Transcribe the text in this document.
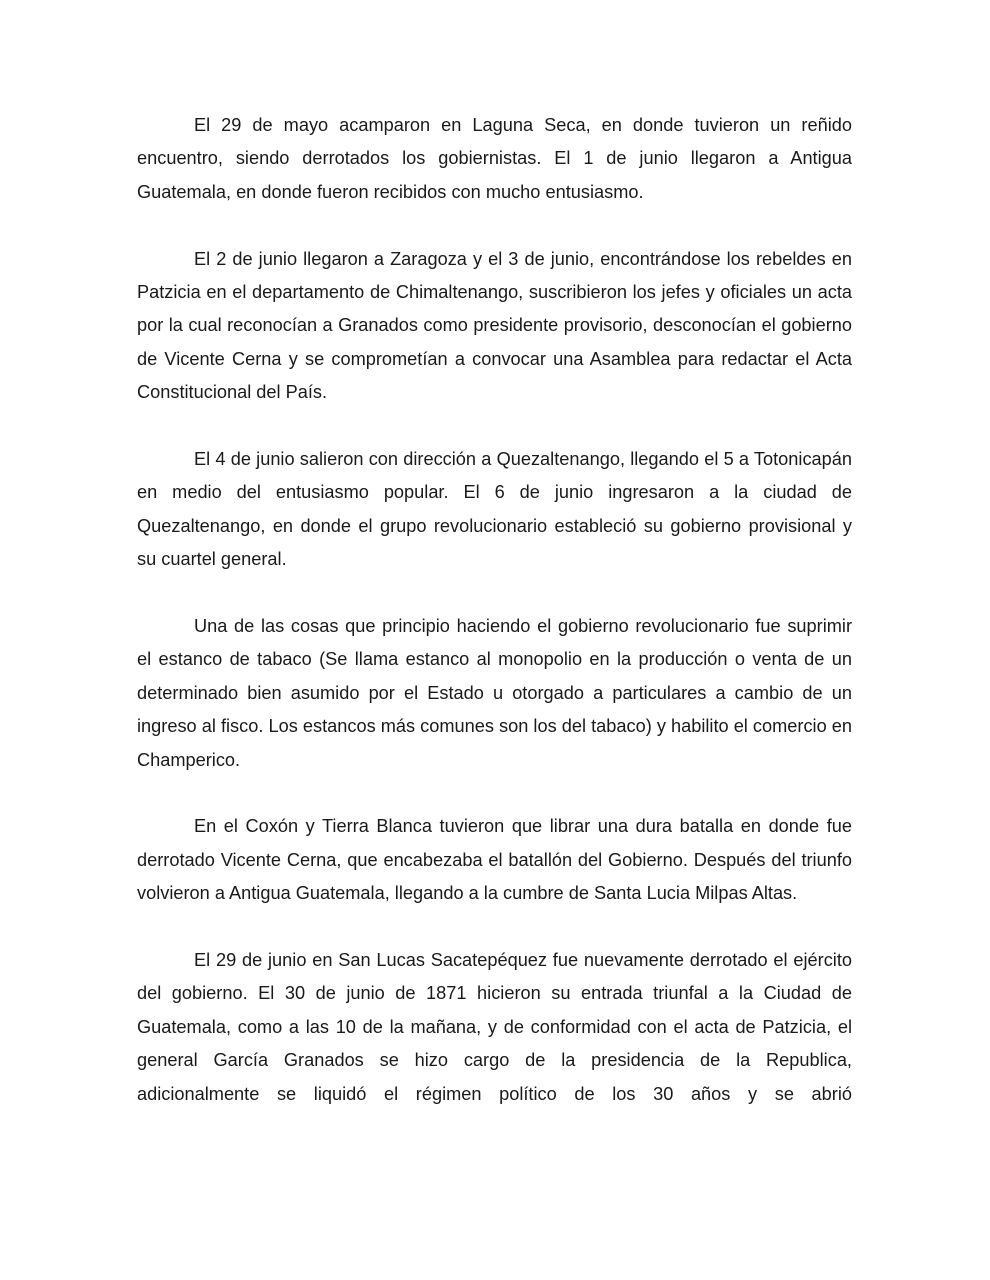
El 29 de mayo acamparon en Laguna Seca, en donde tuvieron un reñido encuentro, siendo derrotados los gobiernistas. El 1 de junio llegaron a Antigua Guatemala, en donde fueron recibidos con mucho entusiasmo.

El 2 de junio llegaron a Zaragoza y el 3 de junio, encontrándose los rebeldes en Patzicia en el departamento de Chimaltenango, suscribieron los jefes y oficiales un acta por la cual reconocían a Granados como presidente provisorio, desconocían el gobierno de Vicente Cerna y se comprometían a convocar una Asamblea para redactar el Acta Constitucional del País.

El 4 de junio salieron con dirección a Quezaltenango, llegando el 5 a Totonicapán en medio del entusiasmo popular. El 6 de junio ingresaron a la ciudad de Quezaltenango, en donde el grupo revolucionario estableció su gobierno provisional y su cuartel general.

Una de las cosas que principio haciendo el gobierno revolucionario fue suprimir el estanco de tabaco (Se llama estanco al monopolio en la producción o venta de un determinado bien asumido por el Estado u otorgado a particulares a cambio de un ingreso al fisco. Los estancos más comunes son los del tabaco) y habilito el comercio en Champerico.

En el Coxón y Tierra Blanca tuvieron que librar una dura batalla en donde fue derrotado Vicente Cerna, que encabezaba el batallón del Gobierno. Después del triunfo volvieron a Antigua Guatemala, llegando a la cumbre de Santa Lucia Milpas Altas.

El 29 de junio en San Lucas Sacatepéquez fue nuevamente derrotado el ejército del gobierno. El 30 de junio de 1871 hicieron su entrada triunfal a la Ciudad de Guatemala, como a las 10 de la mañana, y de conformidad con el acta de Patzicia, el general García Granados se hizo cargo de la presidencia de la Republica, adicionalmente se liquidó el régimen político de los 30 años y se abrió
